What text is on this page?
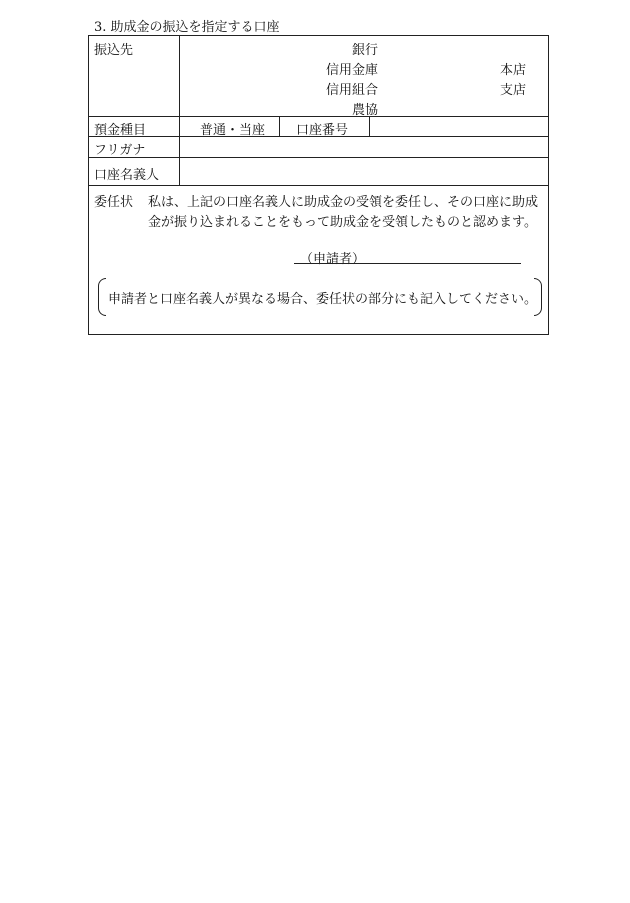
3. 助成金の振込を指定する口座
振込先	銀行
信用金庫
信用組合
農協
本店
支店
預金種目	普通・当座 口座番号
フリガナ
口座名義人
委任状 私は、上記の口座名義人に助成金の受領を委任し、その口座に助成
金が振り込まれることをもって助成金を受領したものと認めます。
（申請者）
申請者と口座名義人が異なる場合、委任状の部分にも記入してください。
